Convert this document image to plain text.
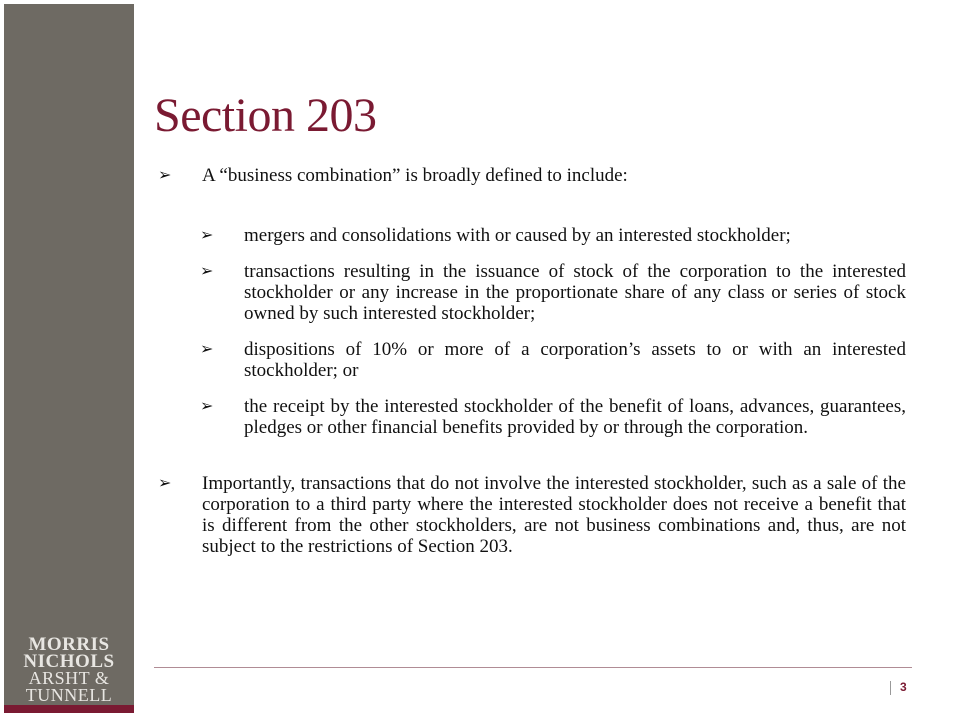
MORRIS
NICHOLS
ARSHT &
TUNNELL
Section 203
➢	A “business combination” is broadly defined to include:
➢	mergers and consolidations with or caused by an interested stockholder;
➢	transactions resulting in the issuance of stock of the corporation to the interested stockholder or any increase in the proportionate share of any class or series of stock owned by such interested stockholder;
➢	dispositions of 10% or more of a corporation’s assets to or with an interested stockholder; or
➢	the receipt by the interested stockholder of the benefit of loans, advances, guarantees, pledges or other financial benefits provided by or through the corporation.
➢	Importantly, transactions that do not involve the interested stockholder, such as a sale of the corporation to a third party where the interested stockholder does not receive a benefit that is different from the other stockholders, are not business combinations and, thus, are not subject to the restrictions of Section 203.
3
